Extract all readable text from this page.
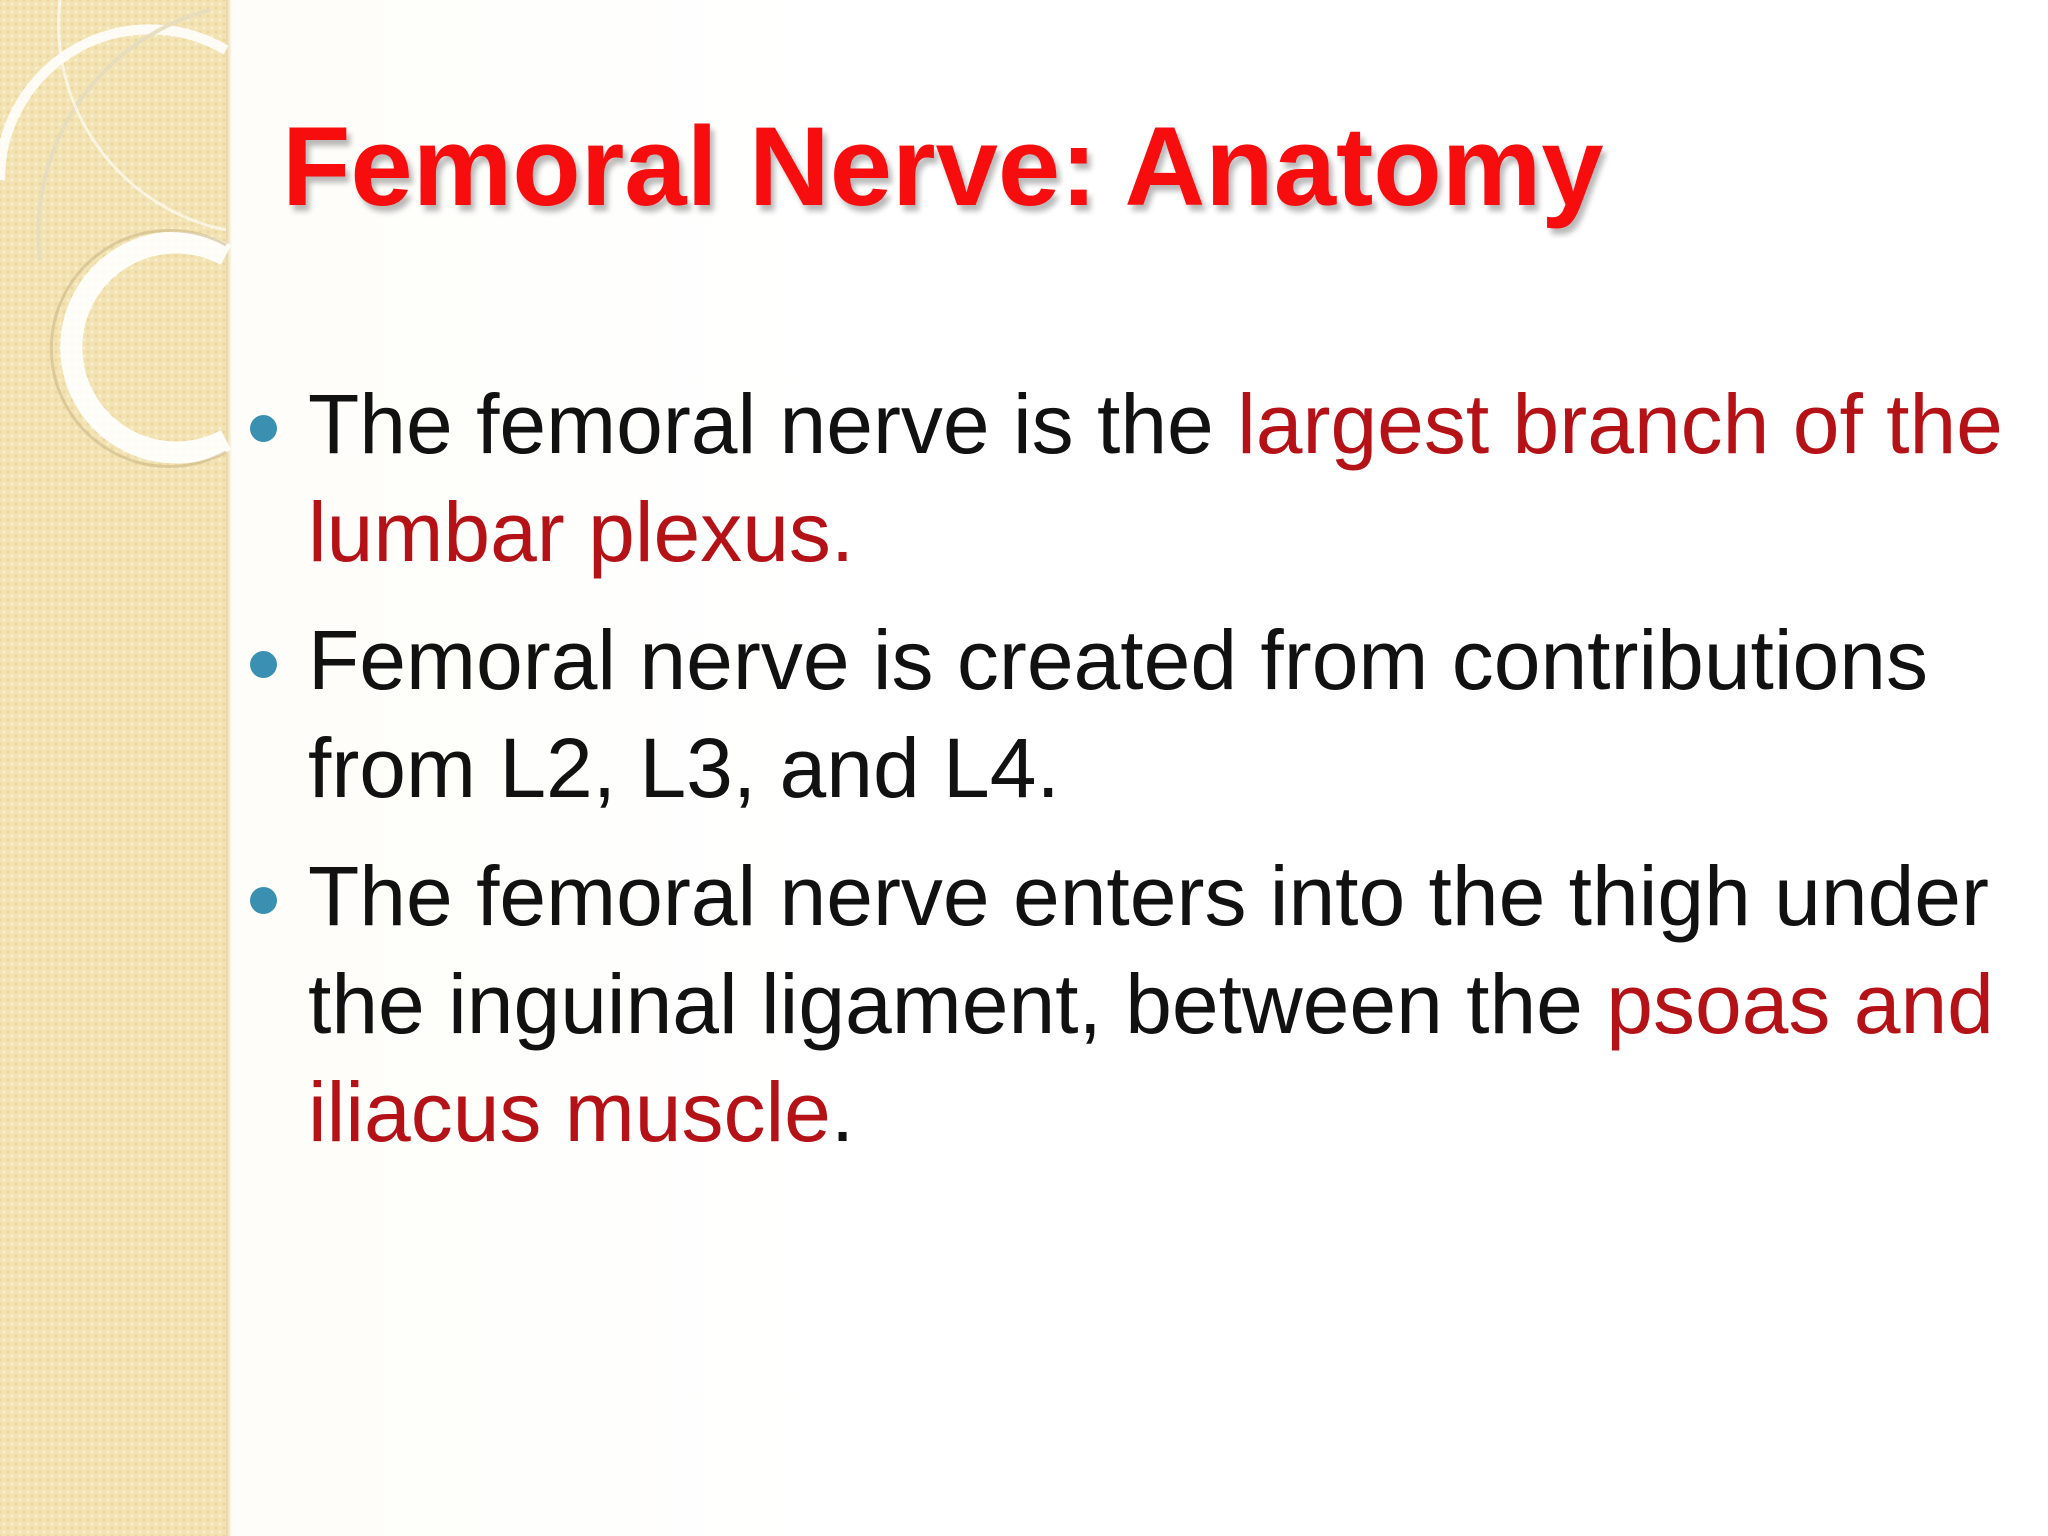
Femoral Nerve: Anatomy
The femoral nerve is the largest branch of the lumbar plexus.
Femoral nerve is created from contributions from L2, L3, and L4.
The femoral nerve enters into the thigh under the inguinal ligament, between the psoas and iliacus muscle.
